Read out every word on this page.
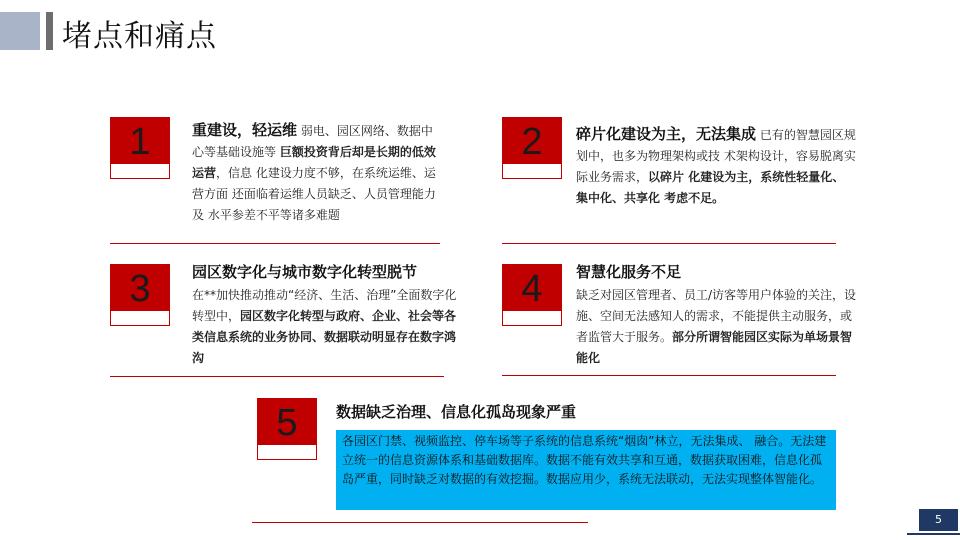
堵点和痛点
1	重建设，轻运维 弱电、园区网络、数据中心等基础设施等 巨额投资背后却是长期的低效运营，信息 化建设力度不够，在系统运维、运营方面 还面临着运维人员缺乏、人员管理能力及 水平参差不平等诸多难题
2	碎片化建设为主，无法集成 已有的智慧园区规划中，也多为物理架构或技 术架构设计，容易脱离实际业务需求，以碎片 化建设为主，系统性轻量化、集中化、共享化 考虑不足。
3	园区数字化与城市数字化转型脱节
在**加快推动推动“经济、生活、治理”全面数字化转型中，园区数字化转型与政府、企业、社会等各类信息系统的业务协同、数据联动明显存在数字鸿沟
4	智慧化服务不足
缺乏对园区管理者、员工/访客等用户体验的关注，设施、空间无法感知人的需求，不能提供主动服务，或者监管大于服务。部分所谓智能园区实际为单场景智能化
5	数据缺乏治理、信息化孤岛现象严重
各园区门禁、视频监控、停车场等子系统的信息系统“烟囱”林立，无法集成、 融合。无法建立统一的信息资源体系和基础数据库。数据不能有效共享和互通，数据获取困难，信息化孤岛严重，同时缺乏对数据的有效挖掘。数据应用少，系统无法联动，无法实现整体智能化。
5
